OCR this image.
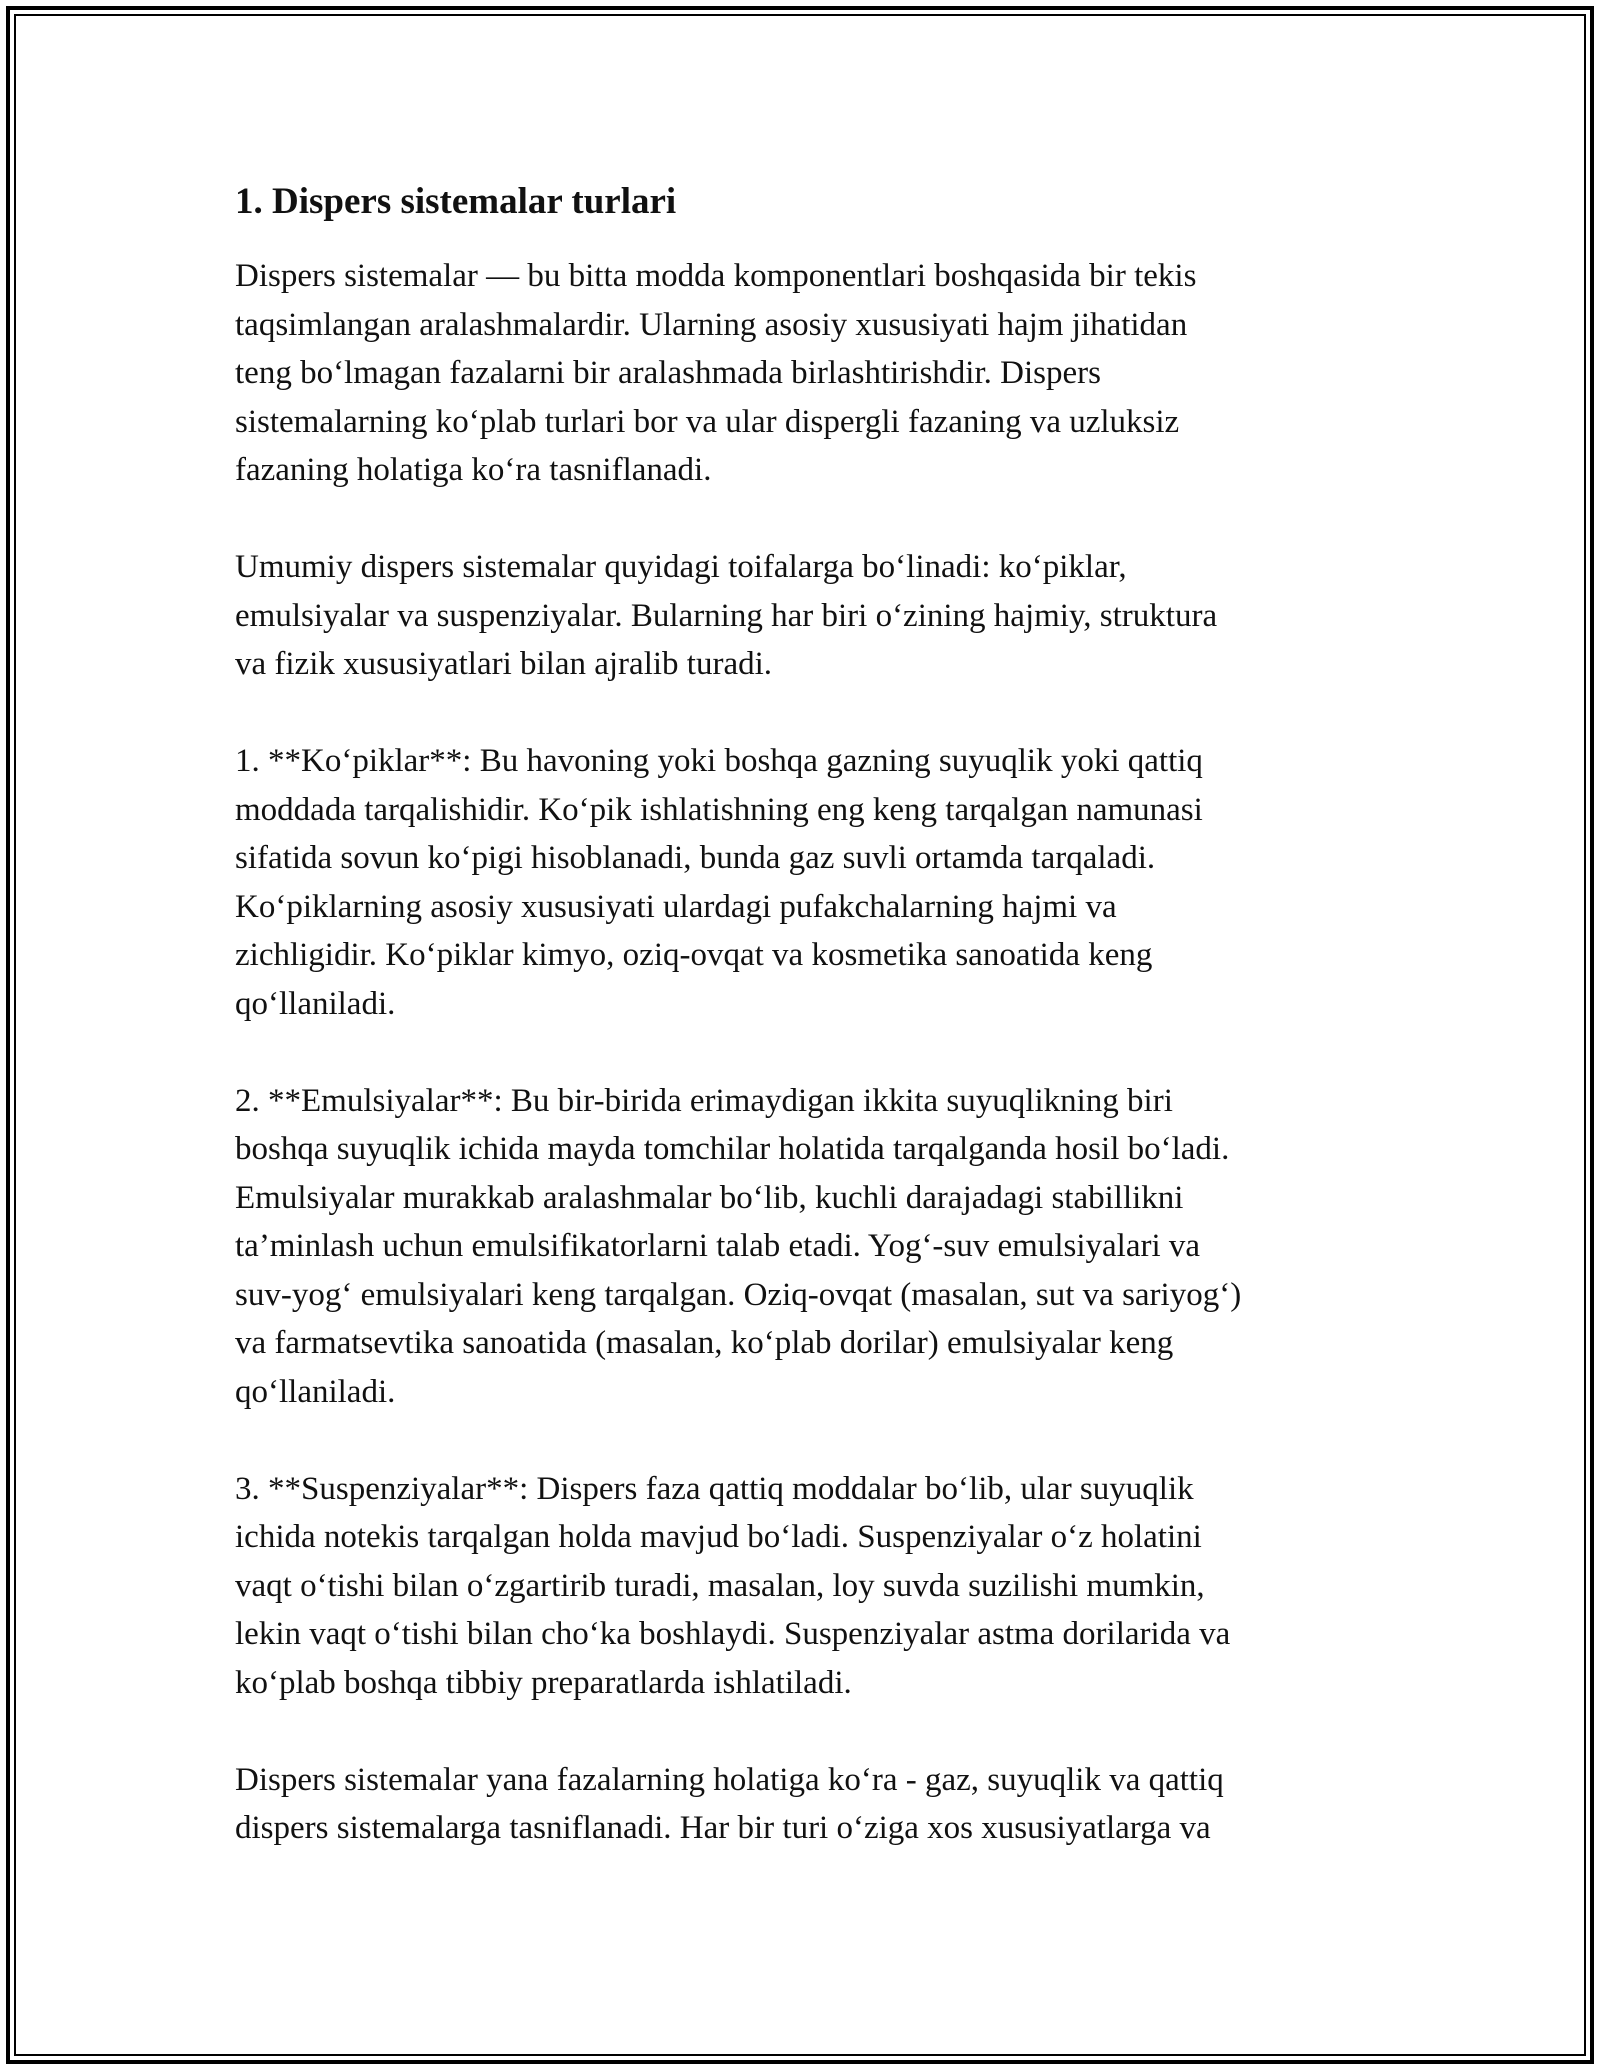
1. Dispers sistemalar turlari
Dispers sistemalar — bu bitta modda komponentlari boshqasida bir tekis
taqsimlangan aralashmalardir. Ularning asosiy xususiyati hajm jihatidan
teng bo‘lmagan fazalarni bir aralashmada birlashtirishdir. Dispers
sistemalarning ko‘plab turlari bor va ular dispergli fazaning va uzluksiz
fazaning holatiga ko‘ra tasniflanadi.
Umumiy dispers sistemalar quyidagi toifalarga bo‘linadi: ko‘piklar,
emulsiyalar va suspenziyalar. Bularning har biri o‘zining hajmiy, struktura
va fizik xususiyatlari bilan ajralib turadi.
1. **Ko‘piklar**: Bu havoning yoki boshqa gazning suyuqlik yoki qattiq
moddada tarqalishidir. Ko‘pik ishlatishning eng keng tarqalgan namunasi
sifatida sovun ko‘pigi hisoblanadi, bunda gaz suvli ortamda tarqaladi.
Ko‘piklarning asosiy xususiyati ulardagi pufakchalarning hajmi va
zichligidir. Ko‘piklar kimyo, oziq-ovqat va kosmetika sanoatida keng
qo‘llaniladi.
2. **Emulsiyalar**: Bu bir-birida erimaydigan ikkita suyuqlikning biri
boshqa suyuqlik ichida mayda tomchilar holatida tarqalganda hosil bo‘ladi.
Emulsiyalar murakkab aralashmalar bo‘lib, kuchli darajadagi stabillikni
ta’minlash uchun emulsifikatorlarni talab etadi. Yog‘-suv emulsiyalari va
suv-yog‘ emulsiyalari keng tarqalgan. Oziq-ovqat (masalan, sut va sariyog‘)
va farmatsevtika sanoatida (masalan, ko‘plab dorilar) emulsiyalar keng
qo‘llaniladi.
3. **Suspenziyalar**: Dispers faza qattiq moddalar bo‘lib, ular suyuqlik
ichida notekis tarqalgan holda mavjud bo‘ladi. Suspenziyalar o‘z holatini
vaqt o‘tishi bilan o‘zgartirib turadi, masalan, loy suvda suzilishi mumkin,
lekin vaqt o‘tishi bilan cho‘ka boshlaydi. Suspenziyalar astma dorilarida va
ko‘plab boshqa tibbiy preparatlarda ishlatiladi.
Dispers sistemalar yana fazalarning holatiga ko‘ra - gaz, suyuqlik va qattiq
dispers sistemalarga tasniflanadi. Har bir turi o‘ziga xos xususiyatlarga va
